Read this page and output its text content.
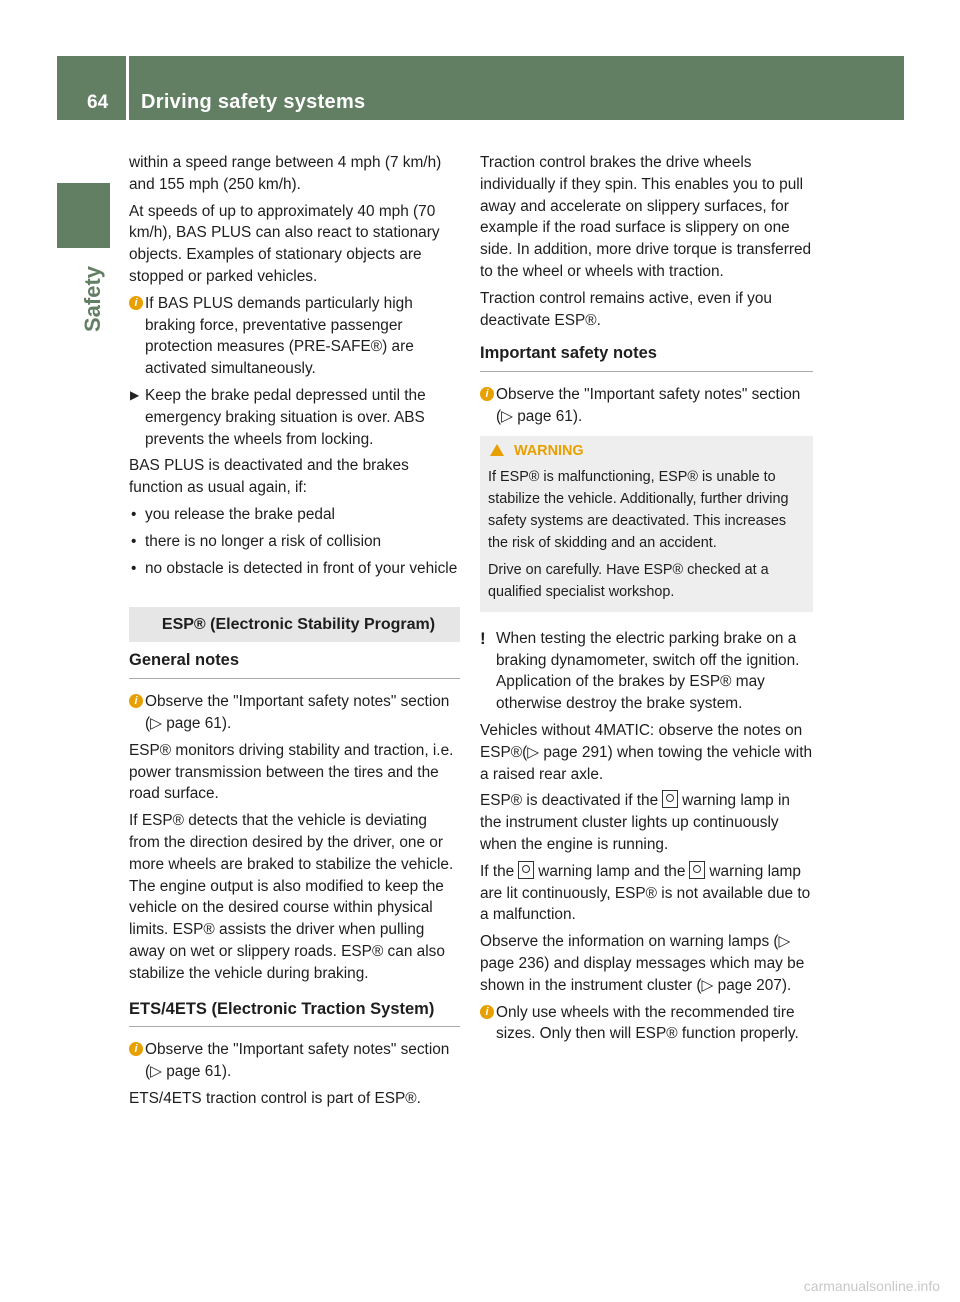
64 Driving safety systems
Safety

within a speed range between 4 mph (7 km/h) and 155 mph (250 km/h).

At speeds of up to approximately 40 mph (70 km/h), BAS PLUS can also react to stationary objects. Examples of stationary objects are stopped or parked vehicles.

i If BAS PLUS demands particularly high braking force, preventative passenger protection measures (PRE-SAFE®) are activated simultaneously.

▶ Keep the brake pedal depressed until the emergency braking situation is over. ABS prevents the wheels from locking.

BAS PLUS is deactivated and the brakes function as usual again, if:

• you release the brake pedal

• there is no longer a risk of collision

• no obstacle is detected in front of your vehicle

ESP® (Electronic Stability Program)
General notes

i Observe the "Important safety notes" section (▷ page 61).

ESP® monitors driving stability and traction, i.e. power transmission between the tires and the road surface.

If ESP® detects that the vehicle is deviating from the direction desired by the driver, one or more wheels are braked to stabilize the vehicle. The engine output is also modified to keep the vehicle on the desired course within physical limits. ESP® assists the driver when pulling away on wet or slippery roads. ESP® can also stabilize the vehicle during braking.

ETS/4ETS (Electronic Traction System)

i Observe the "Important safety notes" section (▷ page 61).

ETS/4ETS traction control is part of ESP®.

Traction control brakes the drive wheels individually if they spin. This enables you to pull away and accelerate on slippery surfaces, for example if the road surface is slippery on one side. In addition, more drive torque is transferred to the wheel or wheels with traction.

Traction control remains active, even if you deactivate ESP®.

Important safety notes

i Observe the "Important safety notes" section (▷ page 61).

WARNING

If ESP® is malfunctioning, ESP® is unable to stabilize the vehicle. Additionally, further driving safety systems are deactivated. This increases the risk of skidding and an accident.

Drive on carefully. Have ESP® checked at a qualified specialist workshop.

! When testing the electric parking brake on a braking dynamometer, switch off the ignition. Application of the brakes by ESP® may otherwise destroy the brake system.

Vehicles without 4MATIC: observe the notes on ESP®(▷ page 291) when towing the vehicle with a raised rear axle.

ESP® is deactivated if the warning lamp in the instrument cluster lights up continuously when the engine is running.

If the warning lamp and the warning lamp are lit continuously, ESP® is not available due to a malfunction.

Observe the information on warning lamps (▷ page 236) and display messages which may be shown in the instrument cluster (▷ page 207).

i Only use wheels with the recommended tire sizes. Only then will ESP® function properly.

carmanualsonline.info
